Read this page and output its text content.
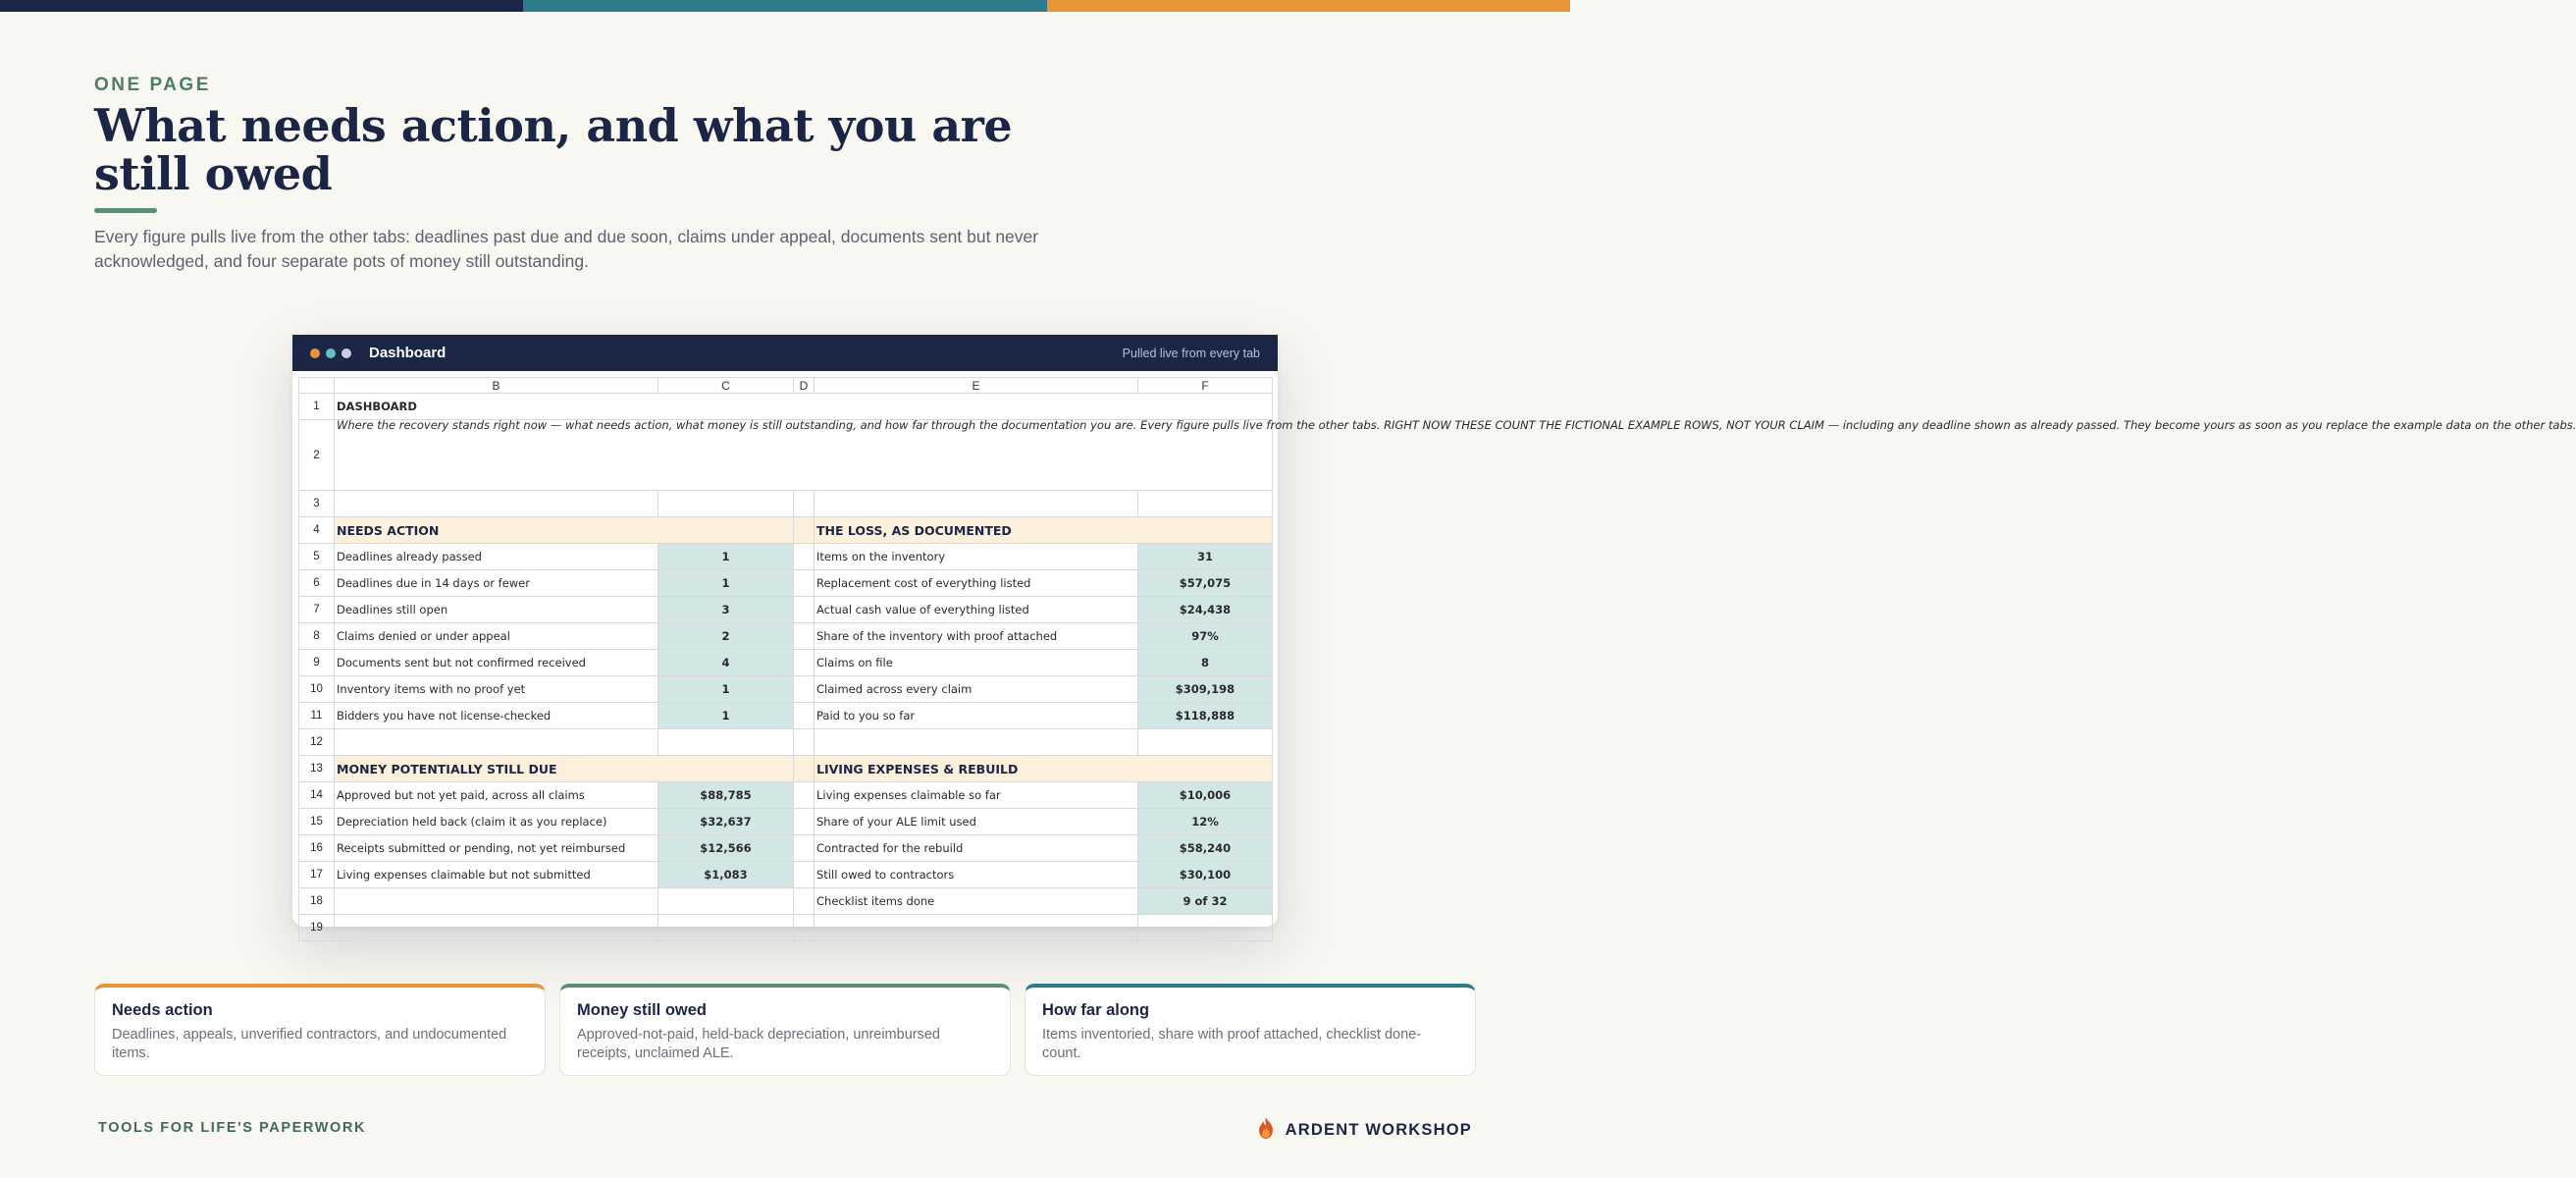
ONE PAGE
What needs action, and what you are still owed

Every figure pulls live from the other tabs: deadlines past due and due soon, claims under appeal, documents sent but never acknowledged, and four separate pots of money still outstanding.

Dashboard	Pulled live from every tab
	B	C	D	E	F
1	DASHBOARD				
2	Where the recovery stands right now — what needs action, what money is still outstanding, and how far through the documentation you are. Every figure pulls live from the other tabs. RIGHT NOW THESE COUNT THE FICTIONAL EXAMPLE ROWS, NOT YOUR CLAIM — including any deadline shown as already passed. They become yours as soon as you replace the example data on the other tabs.				
3					
4	NEEDS ACTION			THE LOSS, AS DOCUMENTED	
5	Deadlines already passed	1		Items on the inventory	31
6	Deadlines due in 14 days or fewer	1		Replacement cost of everything listed	$57,075
7	Deadlines still open	3		Actual cash value of everything listed	$24,438
8	Claims denied or under appeal	2		Share of the inventory with proof attached	97%
9	Documents sent but not confirmed received	4		Claims on file	8
10	Inventory items with no proof yet	1		Claimed across every claim	$309,198
11	Bidders you have not license-checked	1		Paid to you so far	$118,888
12					
13	MONEY POTENTIALLY STILL DUE			LIVING EXPENSES & REBUILD	
14	Approved but not yet paid, across all claims	$88,785		Living expenses claimable so far	$10,006
15	Depreciation held back (claim it as you replace)	$32,637		Share of your ALE limit used	12%
16	Receipts submitted or pending, not yet reimbursed	$12,566		Contracted for the rebuild	$58,240
17	Living expenses claimable but not submitted	$1,083		Still owed to contractors	$30,100
18				Checklist items done	9 of 32
19					
Needs action

Deadlines, appeals, unverified contractors, and undocumented items.

Money still owed

Approved-not-paid, held-back depreciation, unreimbursed receipts, unclaimed ALE.

How far along

Items inventoried, share with proof attached, checklist done-count.

TOOLS FOR LIFE'S PAPERWORK	ARDENT WORKSHOP
